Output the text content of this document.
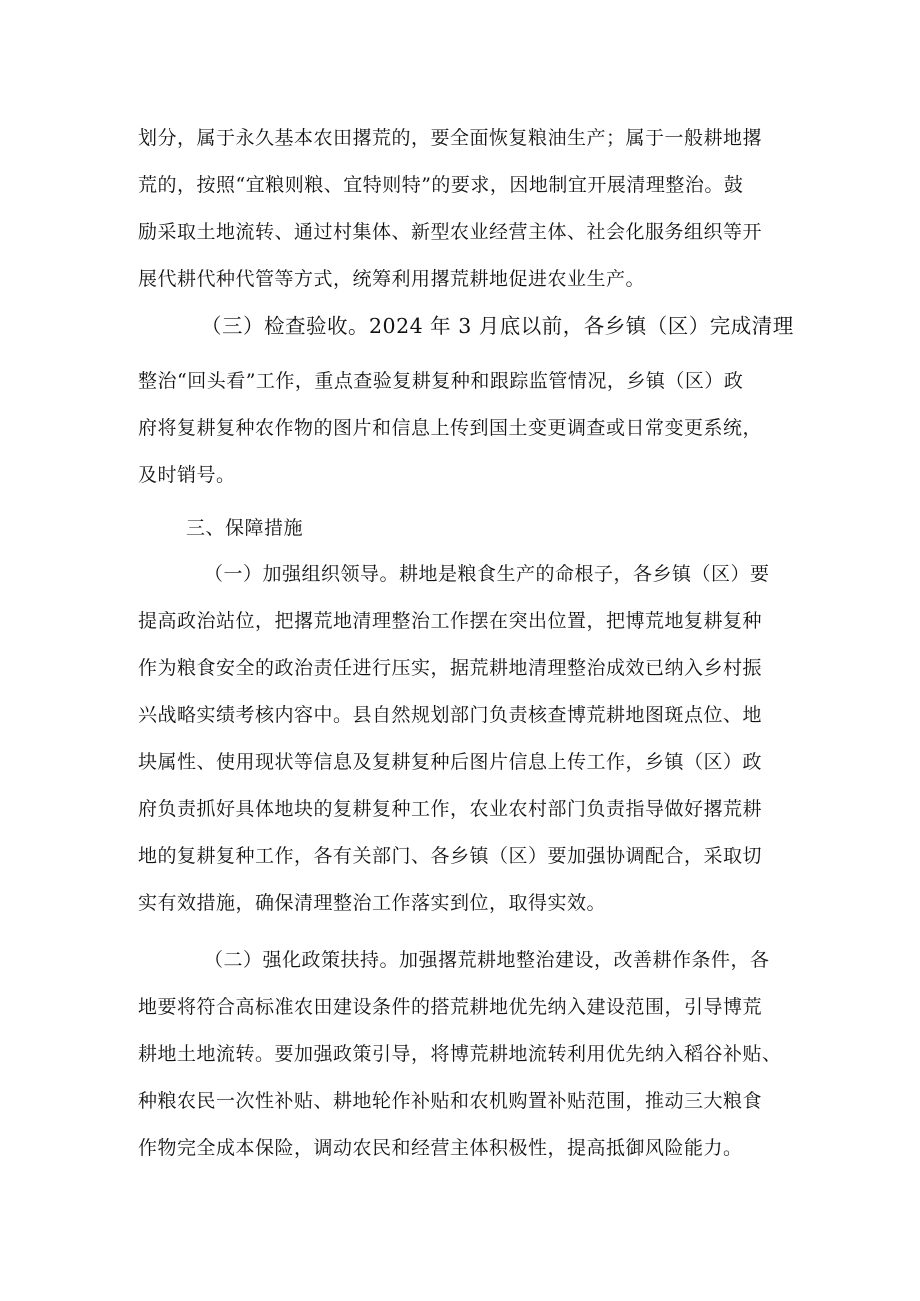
划分，属于永久基本农田撂荒的，要全面恢复粮油生产；属于一般耕地撂
荒的，按照“宜粮则粮、宜特则特”的要求，因地制宜开展清理整治。鼓
励采取土地流转、通过村集体、新型农业经营主体、社会化服务组织等开
展代耕代种代管等方式，统筹利用撂荒耕地促进农业生产。
（三）检查验收。2024 年 3 月底以前，各乡镇（区）完成清理
整治“回头看”工作，重点查验复耕复种和跟踪监管情况，乡镇（区）政
府将复耕复种农作物的图片和信息上传到国土变更调查或日常变更系统，
及时销号。
三、保障措施
（一）加强组织领导。耕地是粮食生产的命根子，各乡镇（区）要
提高政治站位，把撂荒地清理整治工作摆在突出位置，把博荒地复耕复种
作为粮食安全的政治责任进行压实，据荒耕地清理整治成效已纳入乡村振
兴战略实绩考核内容中。县自然规划部门负责核查博荒耕地图斑点位、地
块属性、使用现状等信息及复耕复种后图片信息上传工作，乡镇（区）政
府负责抓好具体地块的复耕复种工作，农业农村部门负责指导做好撂荒耕
地的复耕复种工作，各有关部门、各乡镇（区）要加强协调配合，采取切
实有效措施，确保清理整治工作落实到位，取得实效。
（二）强化政策扶持。加强撂荒耕地整治建设，改善耕作条件，各
地要将符合高标准农田建设条件的搭荒耕地优先纳入建设范围，引导博荒
耕地土地流转。要加强政策引导，将博荒耕地流转利用优先纳入稻谷补贴、
种粮农民一次性补贴、耕地轮作补贴和农机购置补贴范围，推动三大粮食
作物完全成本保险，调动农民和经营主体积极性，提高抵御风险能力。
